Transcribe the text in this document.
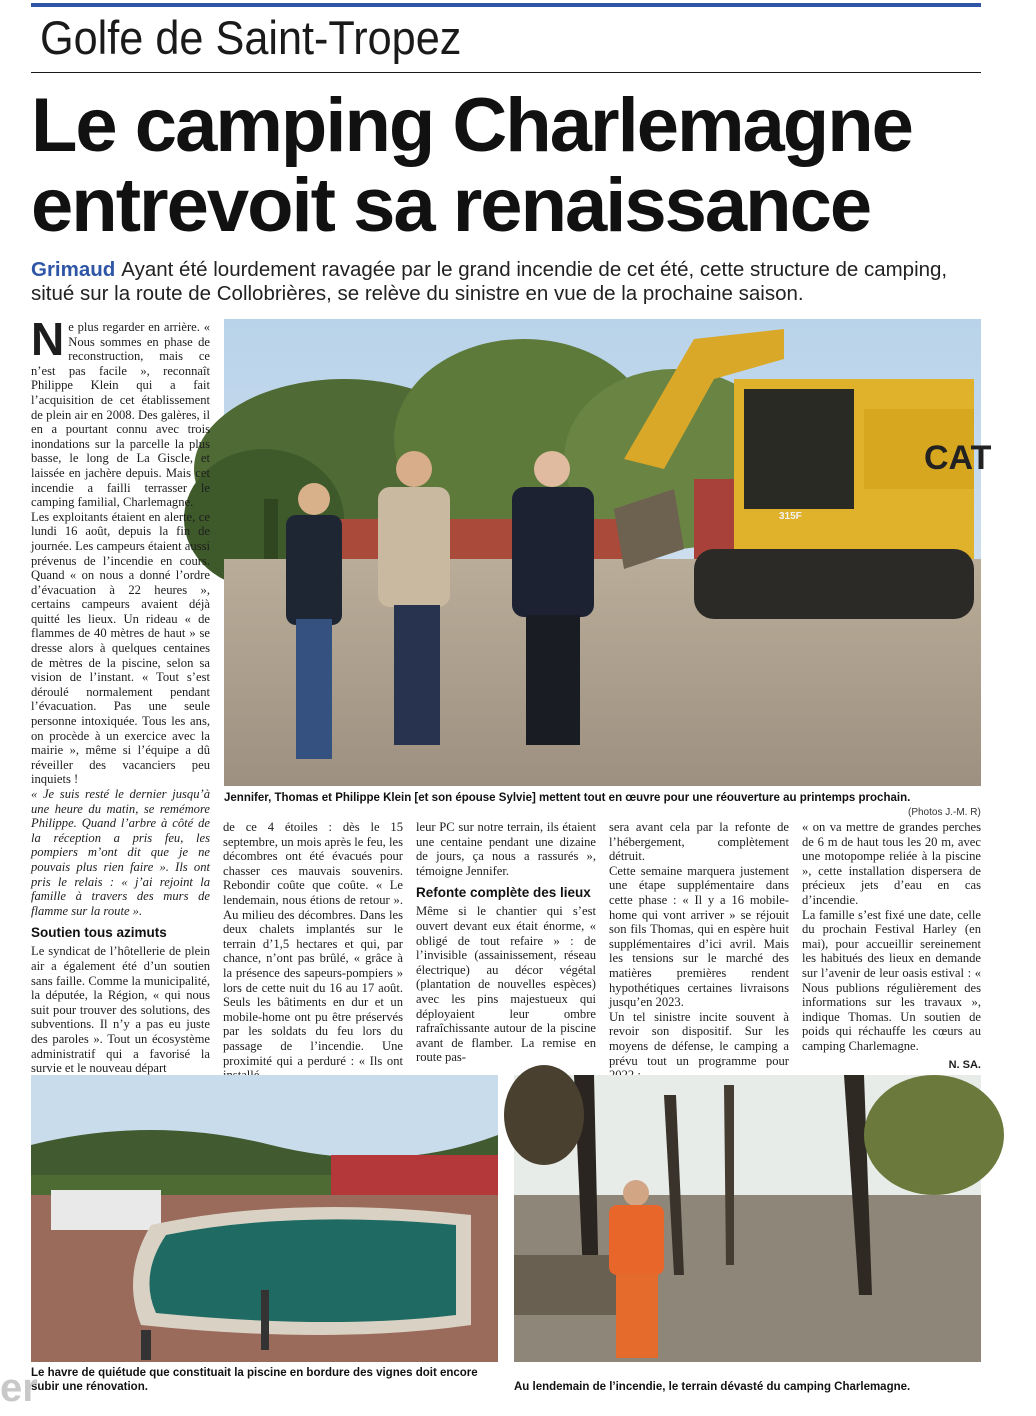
Golfe de Saint-Tropez
Le camping Charlemagne
entrevoit sa renaissance
Grimaud Ayant été lourdement ravagée par le grand incendie de cet été, cette structure de camping, situé sur la route de Collobrières, se relève du sinistre en vue de la prochaine saison.
CAT
315F
Jennifer, Thomas et Philippe Klein [et son épouse Sylvie] mettent tout en œuvre pour une réouverture au printemps prochain.
(Photos J.-M. R)

Ne plus regarder en arrière. « Nous sommes en phase de reconstruction, mais ce n’est pas facile », reconnaît Philippe Klein qui a fait l’acquisition de cet établissement de plein air en 2008. Des galères, il en a pourtant connu avec trois inondations sur la parcelle la plus basse, le long de La Giscle, et laissée en jachère depuis. Mais cet incendie a failli terrasser le camping familial, Charlemagne.

Les exploitants étaient en alerte, ce lundi 16 août, depuis la fin de journée. Les campeurs étaient aussi prévenus de l’incendie en cours. Quand « on nous a donné l’ordre d’évacuation à 22 heures », certains campeurs avaient déjà quitté les lieux. Un rideau « de flammes de 40 mètres de haut » se dresse alors à quelques centaines de mètres de la piscine, selon sa vision de l’instant. « Tout s’est déroulé normalement pendant l’évacuation. Pas une seule personne intoxiquée. Tous les ans, on procède à un exercice avec la mairie », même si l’équipe a dû réveiller des vacanciers peu inquiets !

« Je suis resté le dernier jusqu’à une heure du matin, se remémore Philippe. Quand l’arbre à côté de la réception a pris feu, les pompiers m’ont dit que je ne pouvais plus rien faire ». Ils ont pris le relais : « j’ai rejoint la famille à travers des murs de flamme sur la route ».

Soutien tous azimuts

Le syndicat de l’hôtellerie de plein air a également été d’un soutien sans faille. Comme la municipalité, la députée, la Région, « qui nous suit pour trouver des solutions, des subventions. Il n’y a pas eu juste des paroles ». Tout un écosystème administratif qui a favorisé la survie et le nouveau départ

de ce 4 étoiles : dès le 15 septembre, un mois après le feu, les décombres ont été évacués pour chasser ces mauvais souvenirs. Rebondir coûte que coûte. « Le lendemain, nous étions de retour ». Au milieu des décombres. Dans les deux chalets implantés sur le terrain d’1,5 hectares et qui, par chance, n’ont pas brûlé, « grâce à la présence des sapeurs-pompiers » lors de cette nuit du 16 au 17 août. Seuls les bâtiments en dur et un mobile-home ont pu être préservés par les soldats du feu lors du passage de l’incendie. Une proximité qui a perduré : « Ils ont

leur PC sur notre terrain, ils étaient une centaine pendant une dizaine de jours, ça nous a rassurés », témoigne Jennifer.

Refonte complète des lieux

Même si le chantier qui s’est ouvert devant eux était énorme, « obligé de tout refaire » : de l’invisible (assainissement, réseau électrique) au décor végétal (plantation de nouvelles espèces) avec les pins majestueux qui déployaient leur ombre rafraîchissante autour de la piscine avant de flamber. La remise en route pas-

sera avant cela par la refonte de l’hébergement, complètement détruit.

Cette semaine marquera justement une étape supplémentaire dans cette phase : « Il y a 16 mobile-home qui vont arriver » se réjouit son fils Thomas, qui en espère huit supplémentaires d’ici avril. Mais les tensions sur le marché des matières premières rendent hypothétiques certaines livraisons jusqu’en 2023.

Un tel sinistre incite souvent à revoir son dispositif. Sur les moyens de défense, le camping a prévu tout un programme pour

« on va mettre de grandes perches de 6 m de haut tous les 20 m, avec une motopompe reliée à la piscine », cette installation dispersera de précieux jets d’eau en cas d’incendie.

La famille s’est fixé une date, celle du prochain Festival Harley (en mai), pour accueillir sereinement les habitués des lieux en demande sur l’avenir de leur oasis estival : « Nous publions régulièrement des informations sur les travaux », indique Thomas. Un soutien de poids qui réchauffe les cœurs au camping Charlemagne.

N. SA.
Le havre de quiétude que constituait la piscine en bordure des vignes doit encore subir une rénovation.	Au lendemain de l’incendie, le terrain dévasté du camping Charlemagne.
er
